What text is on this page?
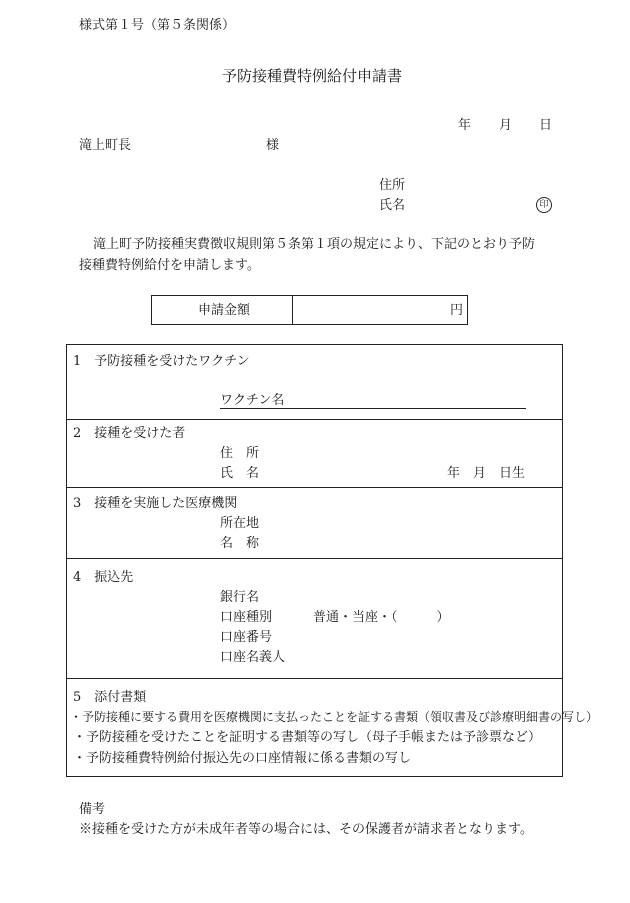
様式第１号（第５条関係）
予防接種費特例給付申請書
年 月 日
滝上町長	様
住所
氏名	印
滝上町予防接種実費徴収規則第５条第１項の規定により、下記のとおり予防
接種費特例給付を申請します。
申請金額	円
1　予防接種を受けたワクチン
ワクチン名
2　接種を受けた者
住　所
氏　名	年　月　日生
3　接種を実施した医療機関
所在地
名　称
4　振込先
銀行名
口座種別	普通・当座・（　　　）
口座番号
口座名義人
5　添付書類
・予防接種に要する費用を医療機関に支払ったことを証する書類（領収書及び診療明細書の写し）
・予防接種を受けたことを証明する書類等の写し（母子手帳または予診票など）
・予防接種費特例給付振込先の口座情報に係る書類の写し
備考
※接種を受けた方が未成年者等の場合には、その保護者が請求者となります。
